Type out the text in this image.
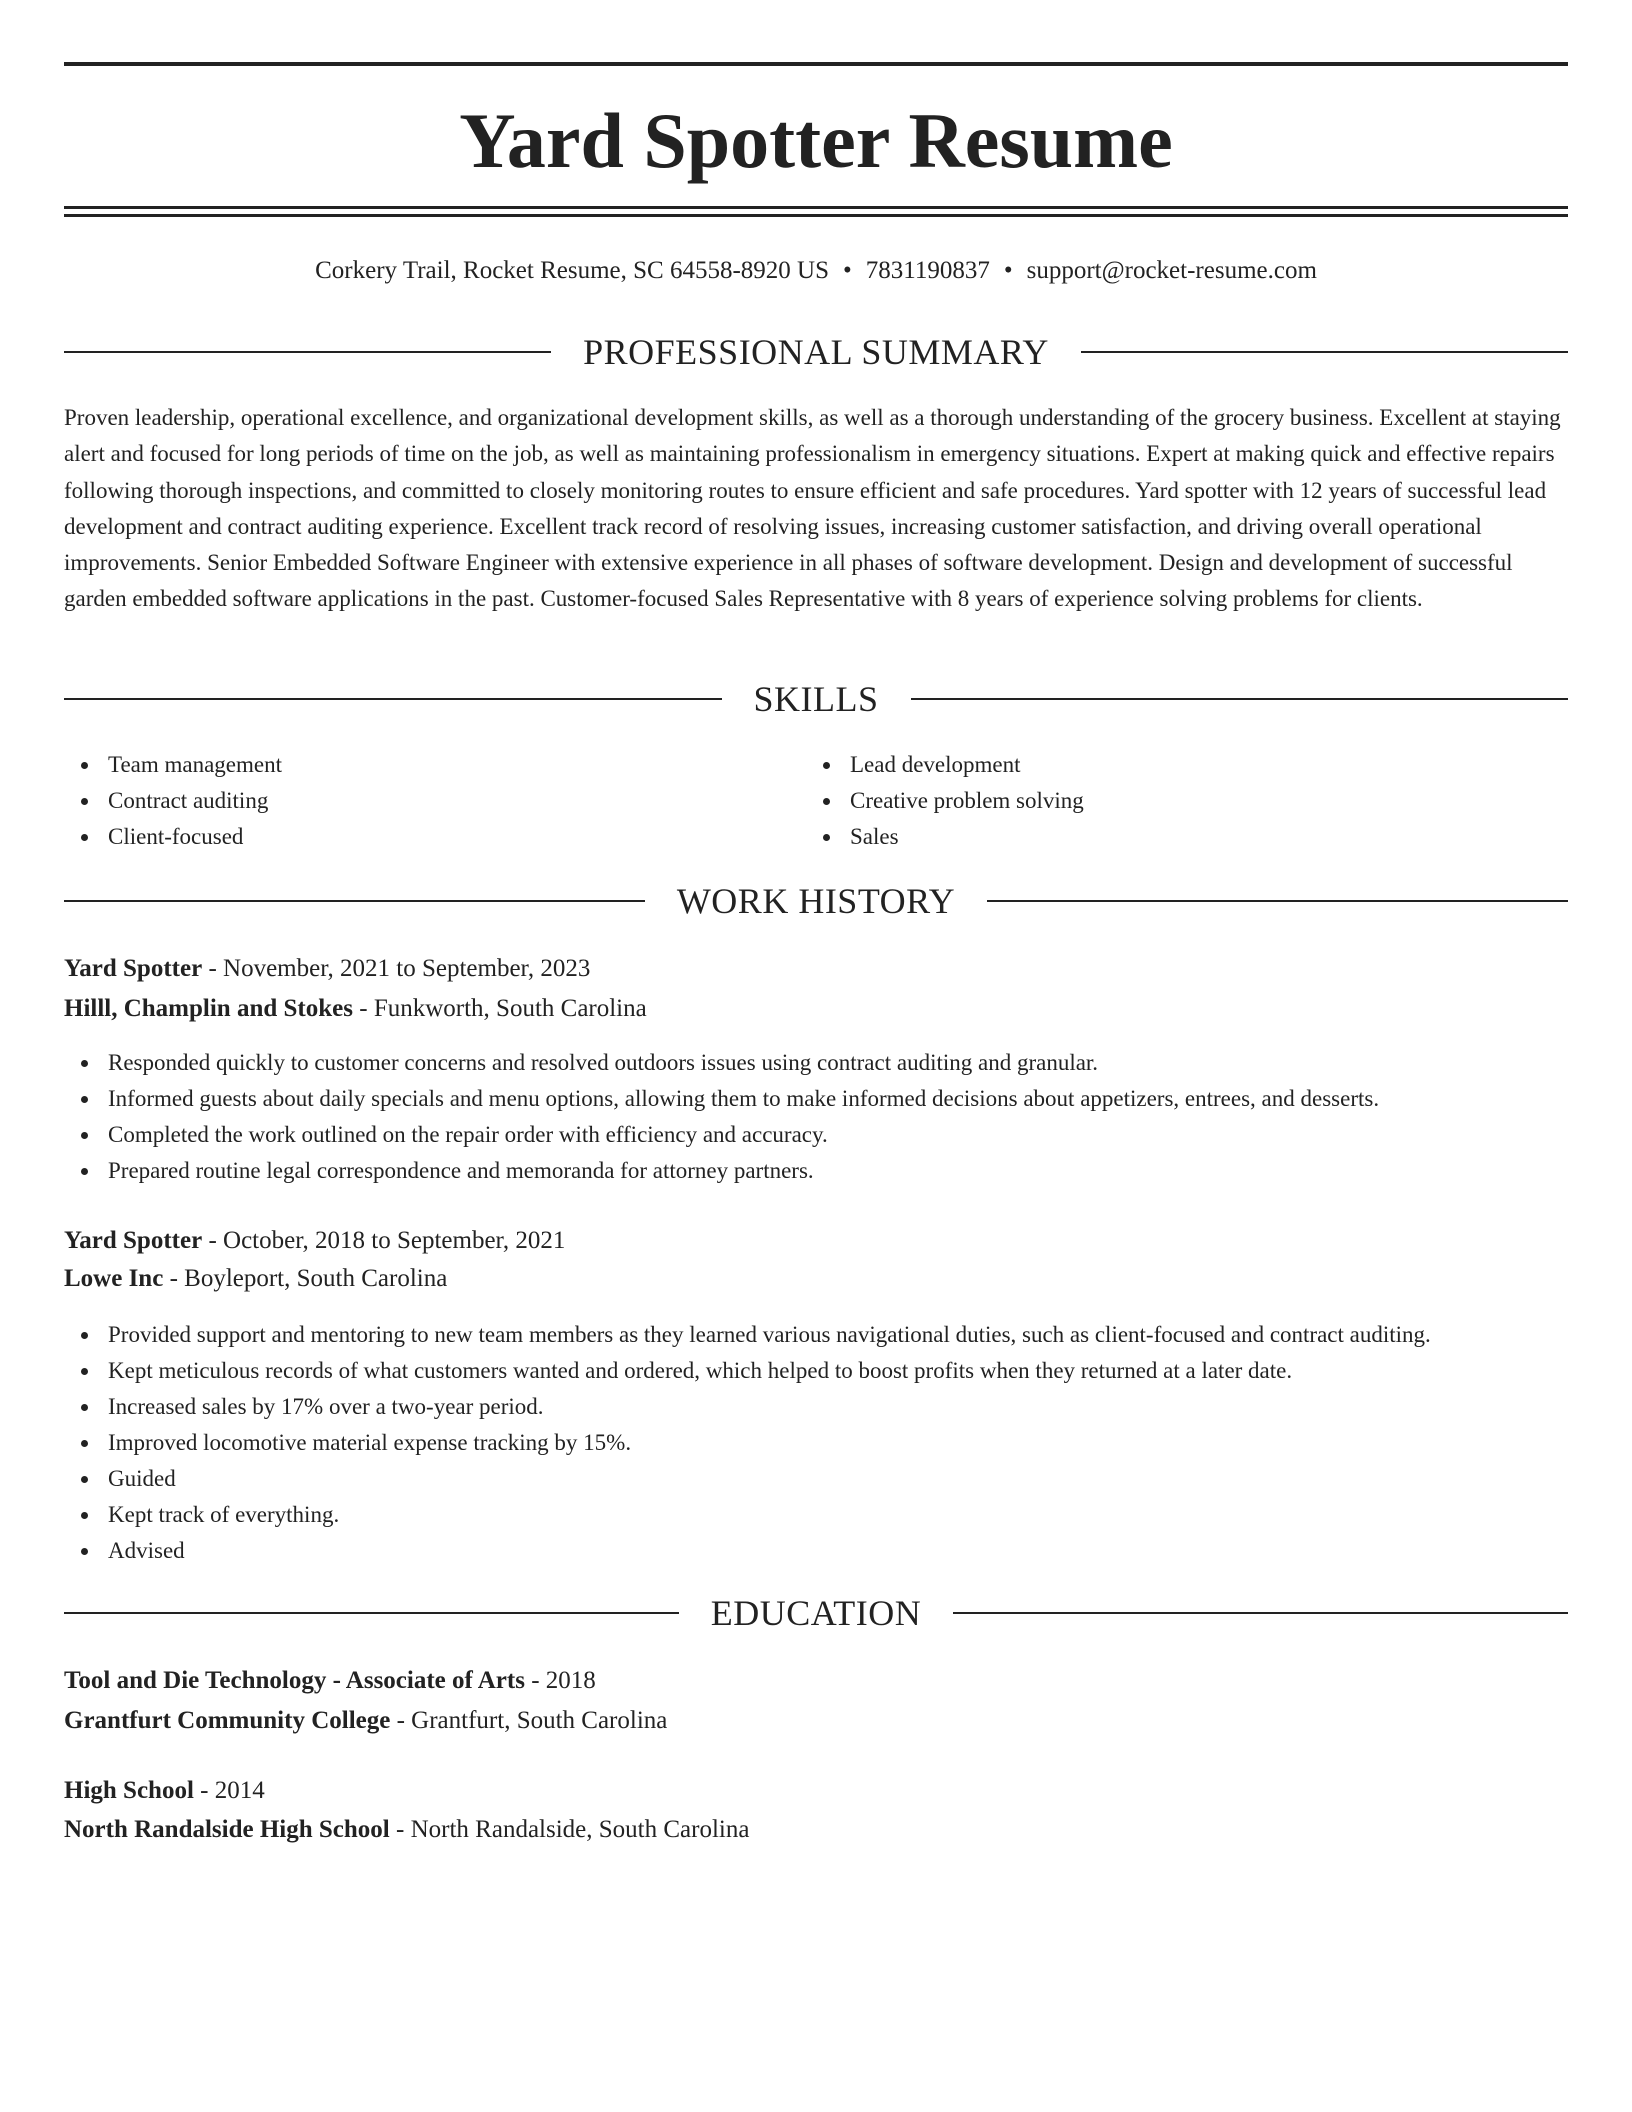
Yard Spotter Resume
Corkery Trail, Rocket Resume, SC 64558-8920 US • 7831190837 • support@rocket-resume.com
PROFESSIONAL SUMMARY

Proven leadership, operational excellence, and organizational development skills, as well as a thorough understanding of the grocery business. Excellent at staying alert and focused for long periods of time on the job, as well as maintaining professionalism in emergency situations. Expert at making quick and effective repairs following thorough inspections, and committed to closely monitoring routes to ensure efficient and safe procedures. Yard spotter with 12 years of successful lead development and contract auditing experience. Excellent track record of resolving issues, increasing customer satisfaction, and driving overall operational improvements. Senior Embedded Software Engineer with extensive experience in all phases of software development. Design and development of successful garden embedded software applications in the past. Customer-focused Sales Representative with 8 years of experience solving problems for clients.

SKILLS
Team management
Contract auditing
Client-focused
Lead development
Creative problem solving
Sales
WORK HISTORY
Yard Spotter - November, 2021 to September, 2023
Hilll, Champlin and Stokes - Funkworth, South Carolina
Responded quickly to customer concerns and resolved outdoors issues using contract auditing and granular.
Informed guests about daily specials and menu options, allowing them to make informed decisions about appetizers, entrees, and desserts.
Completed the work outlined on the repair order with efficiency and accuracy.
Prepared routine legal correspondence and memoranda for attorney partners.
Yard Spotter - October, 2018 to September, 2021
Lowe Inc - Boyleport, South Carolina
Provided support and mentoring to new team members as they learned various navigational duties, such as client-focused and contract auditing.
Kept meticulous records of what customers wanted and ordered, which helped to boost profits when they returned at a later date.
Increased sales by 17% over a two-year period.
Improved locomotive material expense tracking by 15%.
Guided
Kept track of everything.
Advised
EDUCATION
Tool and Die Technology - Associate of Arts - 2018
Grantfurt Community College - Grantfurt, South Carolina
High School - 2014
North Randalside High School - North Randalside, South Carolina
